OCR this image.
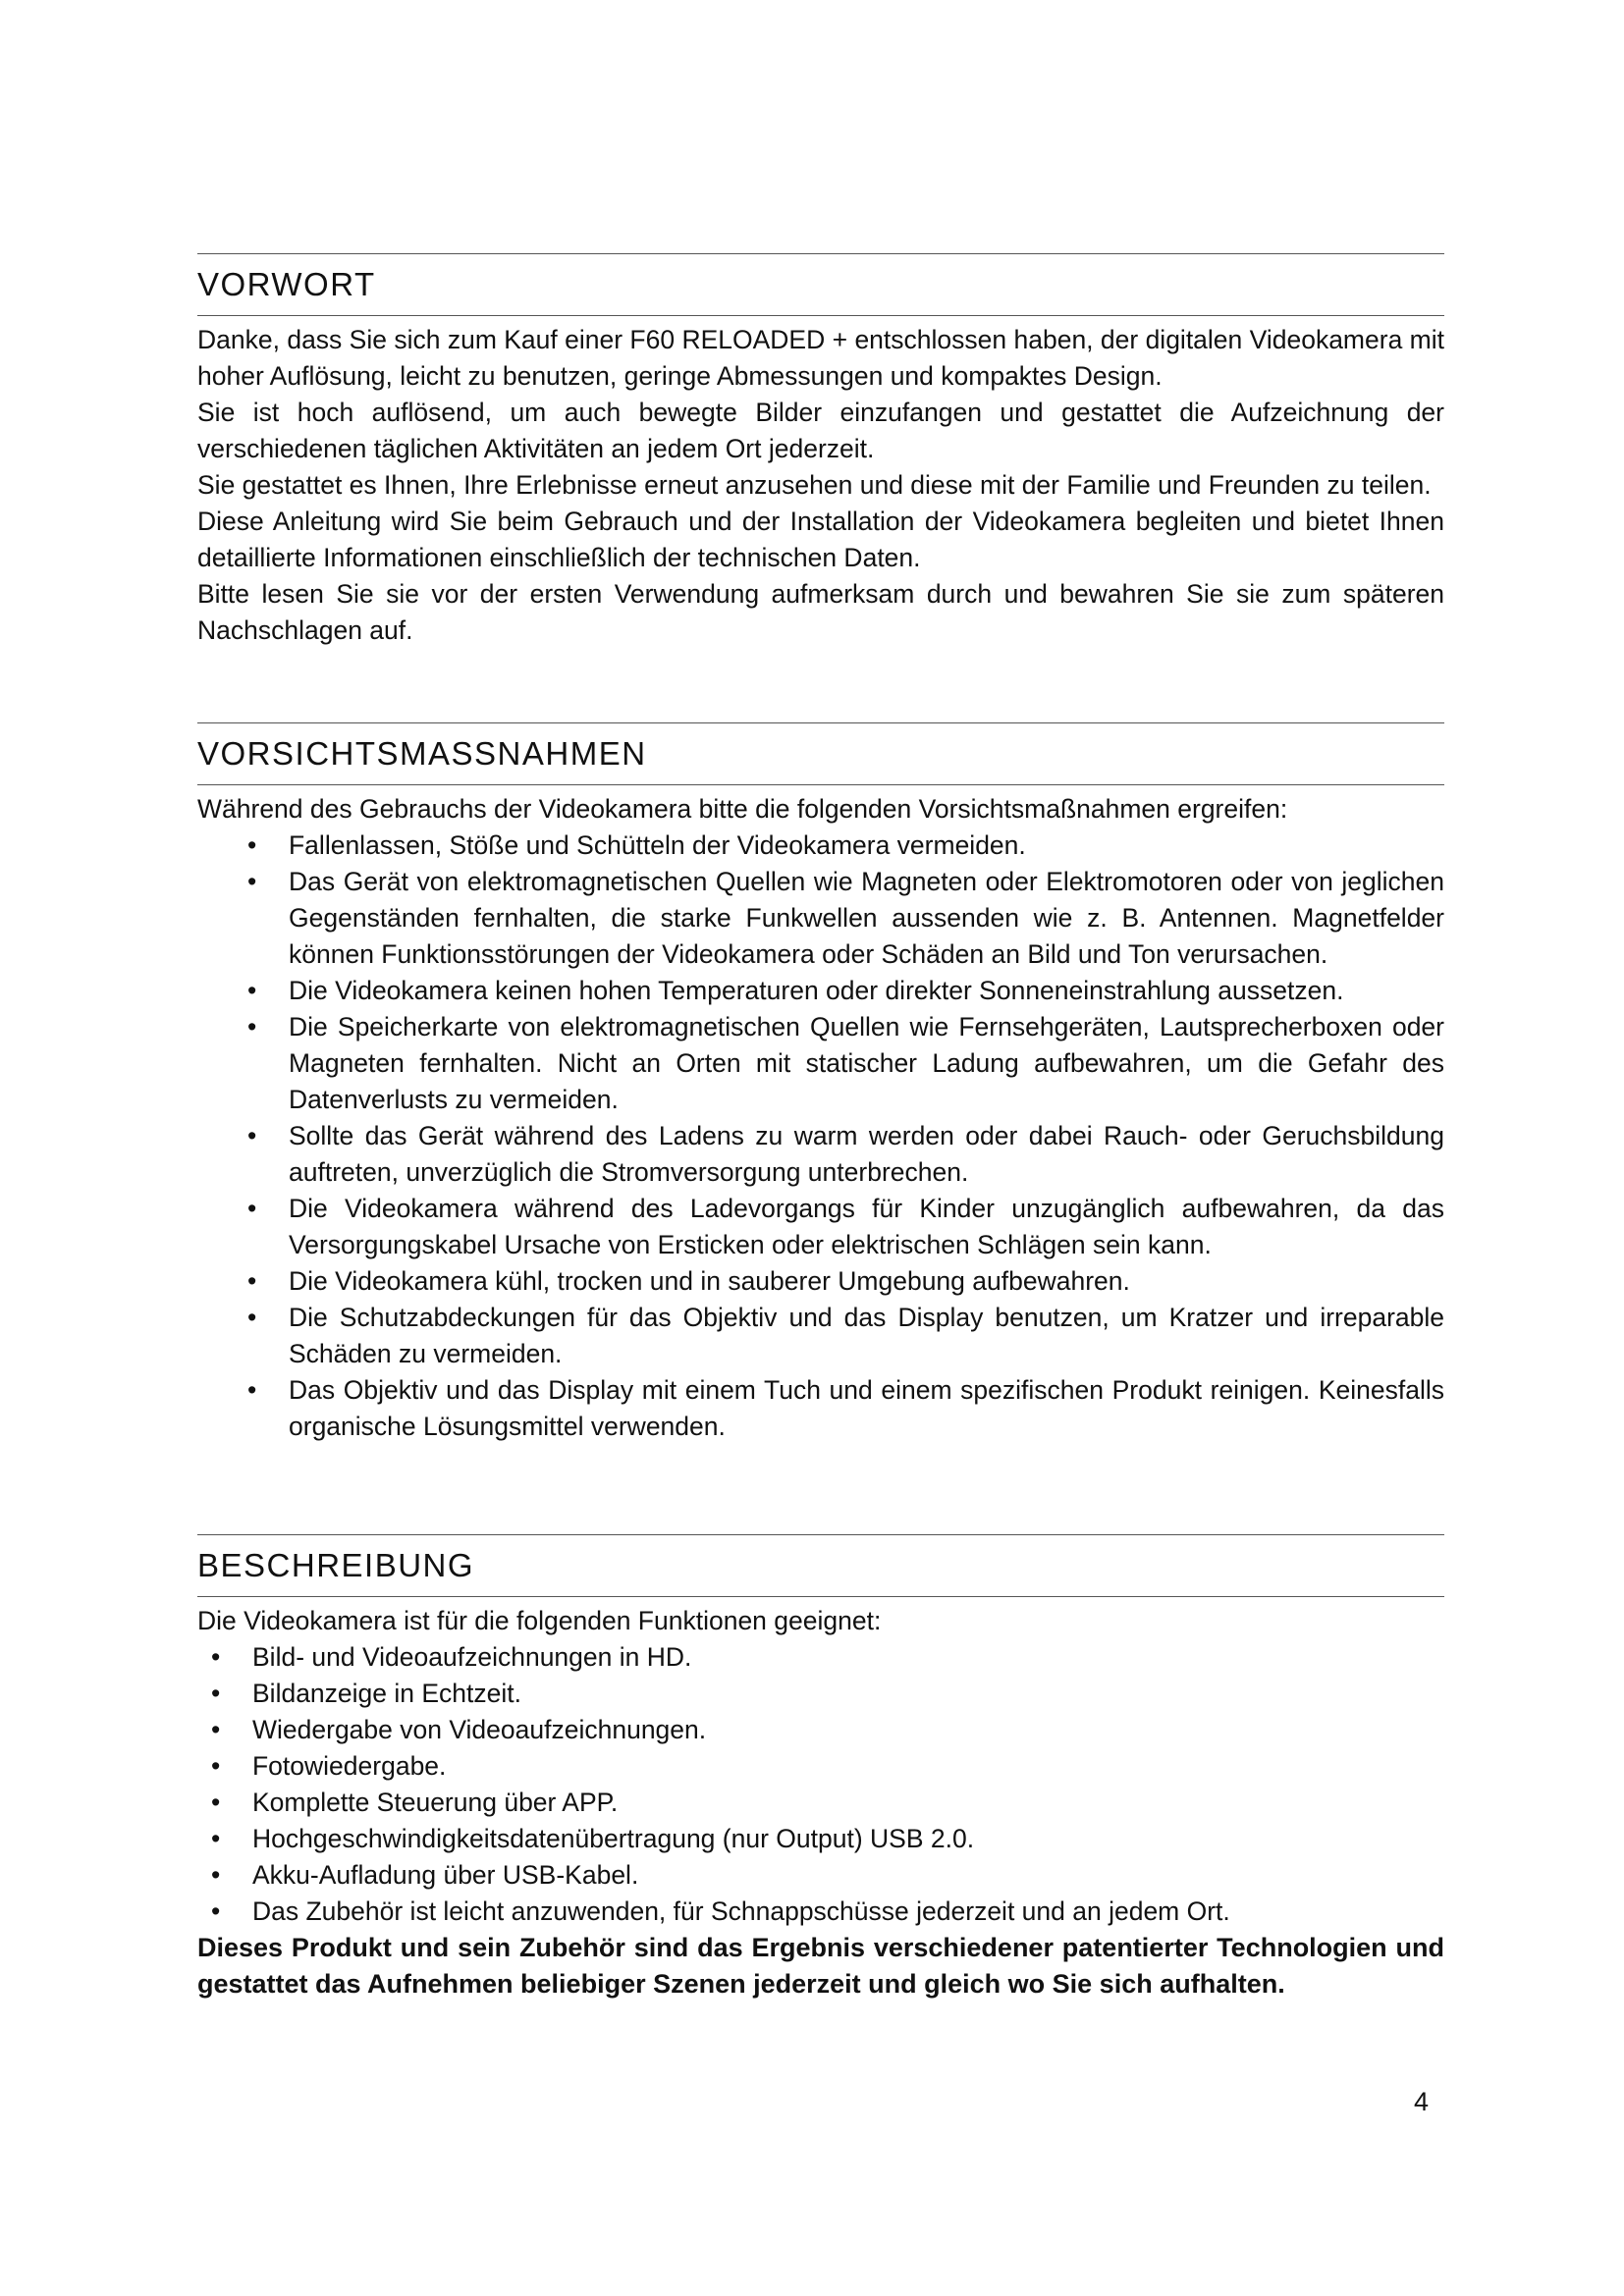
VORWORT

Danke, dass Sie sich zum Kauf einer F60 RELOADED + entschlossen haben, der digitalen Videokamera mit hoher Auflösung, leicht zu benutzen, geringe Abmessungen und kompaktes Design.

Sie ist hoch auflösend, um auch bewegte Bilder einzufangen und gestattet die Aufzeichnung der verschiedenen täglichen Aktivitäten an jedem Ort jederzeit.

Sie gestattet es Ihnen, Ihre Erlebnisse erneut anzusehen und diese mit der Familie und Freunden zu teilen.

Diese Anleitung wird Sie beim Gebrauch und der Installation der Videokamera begleiten und bietet Ihnen detaillierte Informationen einschließlich der technischen Daten.

Bitte lesen Sie sie vor der ersten Verwendung aufmerksam durch und bewahren Sie sie zum späteren Nachschlagen auf.

VORSICHTSMASSNAHMEN

Während des Gebrauchs der Videokamera bitte die folgenden Vorsichtsmaßnahmen ergreifen:

• Fallenlassen, Stöße und Schütteln der Videokamera vermeiden.
• Das Gerät von elektromagnetischen Quellen wie Magneten oder Elektromotoren oder von jeglichen Gegenständen fernhalten, die starke Funkwellen aussenden wie z. B. Antennen. Magnetfelder können Funktionsstörungen der Videokamera oder Schäden an Bild und Ton verursachen.
• Die Videokamera keinen hohen Temperaturen oder direkter Sonneneinstrahlung aussetzen.
• Die Speicherkarte von elektromagnetischen Quellen wie Fernsehgeräten, Lautsprecherboxen oder Magneten fernhalten. Nicht an Orten mit statischer Ladung aufbewahren, um die Gefahr des Datenverlusts zu vermeiden.
• Sollte das Gerät während des Ladens zu warm werden oder dabei Rauch- oder Geruchsbildung auftreten, unverzüglich die Stromversorgung unterbrechen.
• Die Videokamera während des Ladevorgangs für Kinder unzugänglich aufbewahren, da das Versorgungskabel Ursache von Ersticken oder elektrischen Schlägen sein kann.
• Die Videokamera kühl, trocken und in sauberer Umgebung aufbewahren.
• Die Schutzabdeckungen für das Objektiv und das Display benutzen, um Kratzer und irreparable Schäden zu vermeiden.
• Das Objektiv und das Display mit einem Tuch und einem spezifischen Produkt reinigen. Keinesfalls organische Lösungsmittel verwenden.
BESCHREIBUNG

Die Videokamera ist für die folgenden Funktionen geeignet:

• Bild- und Videoaufzeichnungen in HD.
• Bildanzeige in Echtzeit.
• Wiedergabe von Videoaufzeichnungen.
• Fotowiedergabe.
• Komplette Steuerung über APP.
• Hochgeschwindigkeitsdatenübertragung (nur Output) USB 2.0.
• Akku-Aufladung über USB-Kabel.
• Das Zubehör ist leicht anzuwenden, für Schnappschüsse jederzeit und an jedem Ort.

Dieses Produkt und sein Zubehör sind das Ergebnis verschiedener patentierter Technologien und gestattet das Aufnehmen beliebiger Szenen jederzeit und gleich wo Sie sich aufhalten.

4
